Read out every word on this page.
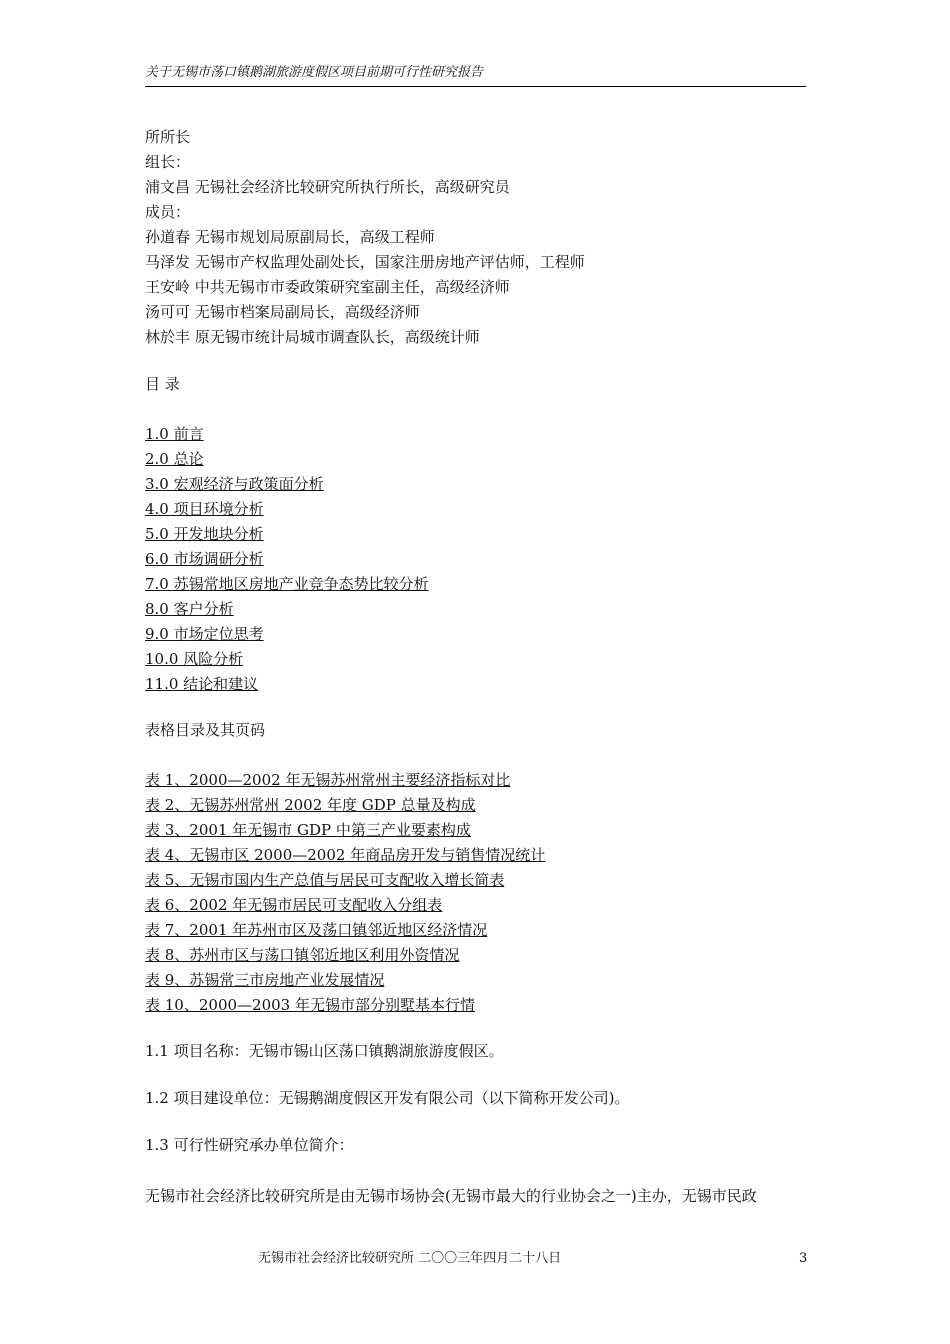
关于无锡市荡口镇鹅湖旅游度假区项目前期可行性研究报告
所所长
组长：
浦文昌 无锡社会经济比较研究所执行所长，高级研究员
成员：
孙道春 无锡市规划局原副局长，高级工程师
马泽发 无锡市产权监理处副处长，国家注册房地产评估师，工程师
王安岭 中共无锡市市委政策研究室副主任，高级经济师
汤可可 无锡市档案局副局长，高级经济师
林於丰 原无锡市统计局城市调查队长，高级统计师
目 录
1.0 前言
2.0 总论
3.0 宏观经济与政策面分析
4.0 项目环境分析
5.0 开发地块分析
6.0 市场调研分析
7.0 苏锡常地区房地产业竞争态势比较分析
8.0 客户分析
9.0 市场定位思考
10.0 风险分析
11.0 结论和建议
表格目录及其页码
表 1、2000—2002 年无锡苏州常州主要经济指标对比
表 2、无锡苏州常州 2002 年度 GDP 总量及构成
表 3、2001 年无锡市 GDP 中第三产业要素构成
表 4、无锡市区 2000—2002 年商品房开发与销售情况统计
表 5、无锡市国内生产总值与居民可支配收入增长简表
表 6、2002 年无锡市居民可支配收入分组表
表 7、2001 年苏州市区及荡口镇邻近地区经济情况
表 8、苏州市区与荡口镇邻近地区利用外资情况
表 9、苏锡常三市房地产业发展情况
表 10、2000—2003 年无锡市部分别墅基本行情
1.1 项目名称：无锡市锡山区荡口镇鹅湖旅游度假区。
1.2 项目建设单位：无锡鹅湖度假区开发有限公司（以下简称开发公司)。
1.3 可行性研究承办单位简介：
无锡市社会经济比较研究所是由无锡市场协会(无锡市最大的行业协会之一)主办，无锡市民政
无锡市社会经济比较研究所 二〇〇三年四月二十八日	3
